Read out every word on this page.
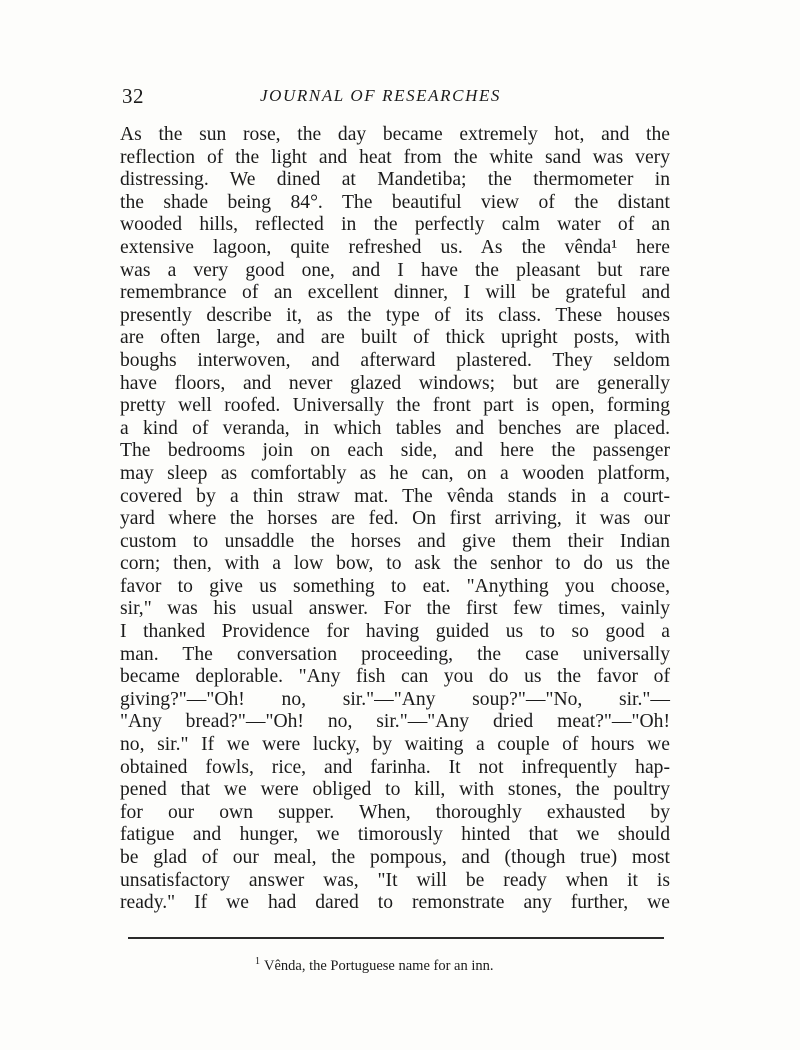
32	JOURNAL OF RESEARCHES
As the sun rose, the day became extremely hot, and the
reflection of the light and heat from the white sand was very
distressing. We dined at Mandetiba; the thermometer in
the shade being 84°. The beautiful view of the distant
wooded hills, reflected in the perfectly calm water of an
extensive lagoon, quite refreshed us. As the vênda¹ here
was a very good one, and I have the pleasant but rare
remembrance of an excellent dinner, I will be grateful and
presently describe it, as the type of its class. These houses
are often large, and are built of thick upright posts, with
boughs interwoven, and afterward plastered. They seldom
have floors, and never glazed windows; but are generally
pretty well roofed. Universally the front part is open, forming
a kind of veranda, in which tables and benches are placed.
The bedrooms join on each side, and here the passenger
may sleep as comfortably as he can, on a wooden platform,
covered by a thin straw mat. The vênda stands in a court-
yard where the horses are fed. On first arriving, it was our
custom to unsaddle the horses and give them their Indian
corn; then, with a low bow, to ask the senhor to do us the
favor to give us something to eat. "Anything you choose,
sir," was his usual answer. For the first few times, vainly
I thanked Providence for having guided us to so good a
man. The conversation proceeding, the case universally
became deplorable. "Any fish can you do us the favor of
giving?"—"Oh! no, sir."—"Any soup?"—"No, sir."—
"Any bread?"—"Oh! no, sir."—"Any dried meat?"—"Oh!
no, sir." If we were lucky, by waiting a couple of hours we
obtained fowls, rice, and farinha. It not infrequently hap-
pened that we were obliged to kill, with stones, the poultry
for our own supper. When, thoroughly exhausted by
fatigue and hunger, we timorously hinted that we should
be glad of our meal, the pompous, and (though true) most
unsatisfactory answer was, "It will be ready when it is
ready." If we had dared to remonstrate any further, we
$^1$ Vênda, the Portuguese name for an inn.
